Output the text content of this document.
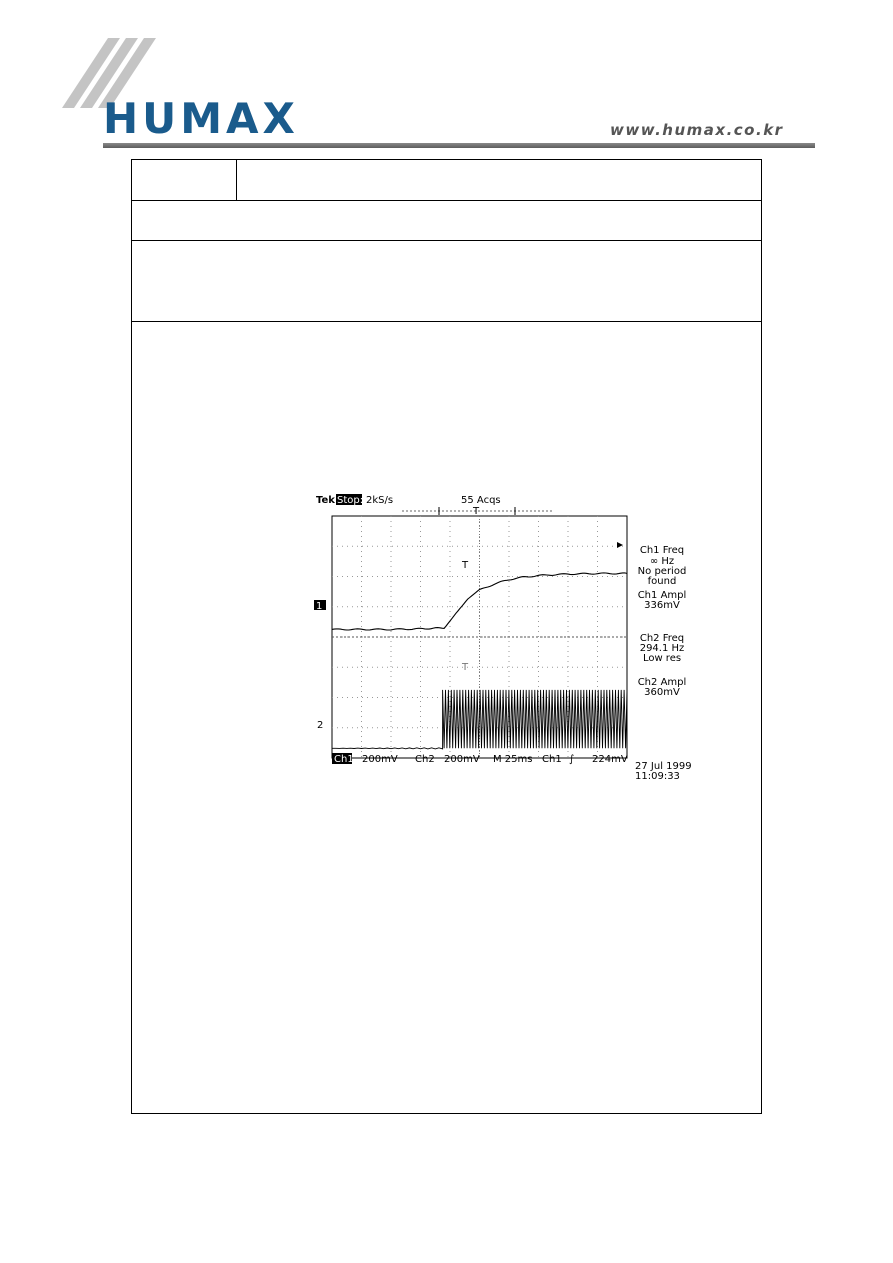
HUMAX	www.humax.co.kr
Tek Stop: 2kS/s	55 Acqs
T
1
2
T
T
Ch1 Freq
∞ Hz
No period
found
Ch1 Ampl
336mV
Ch2 Freq
294.1 Hz
Low res
Ch2 Ampl
360mV
Ch1 200mV Ch2 200mV M 25ms Ch1 ∫ 224mV
27 Jul 1999
11:09:33
